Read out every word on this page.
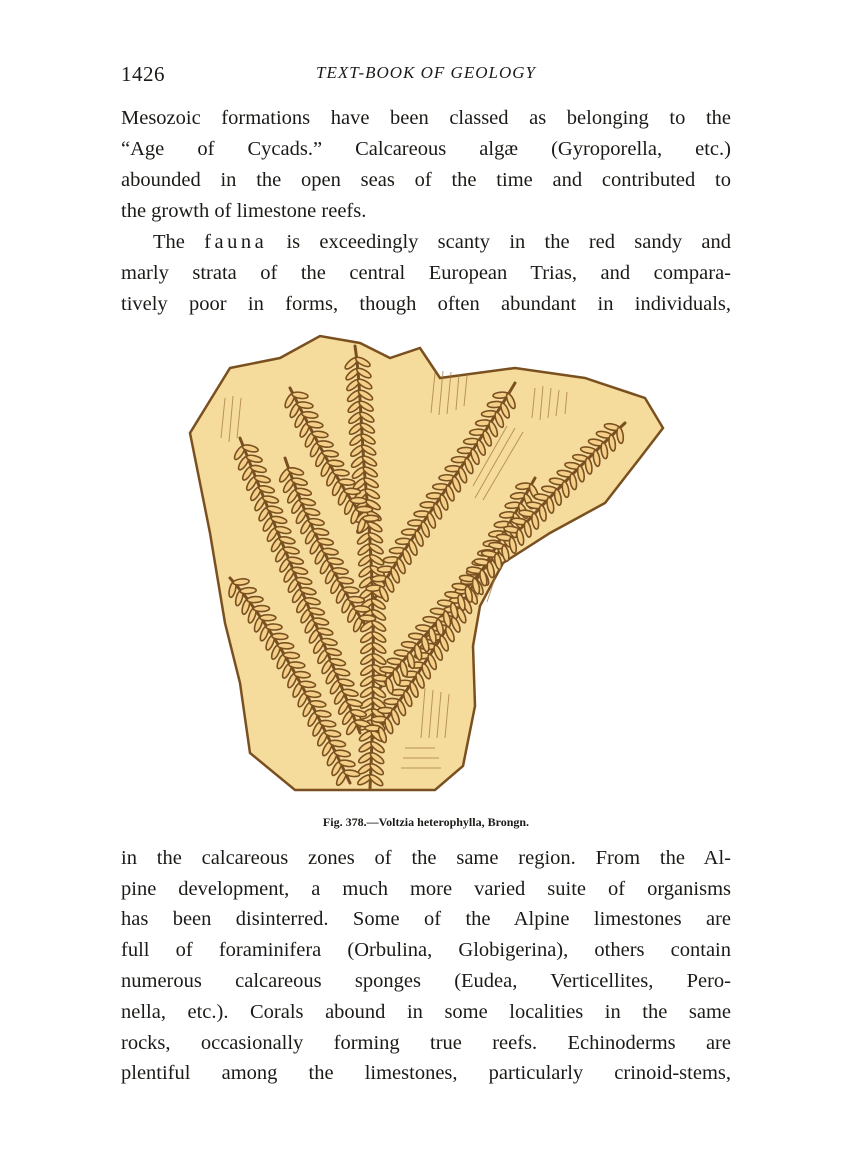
1426	TEXT-BOOK OF GEOLOGY
Mesozoic formations have been classed as belonging to the
“Age of Cycads.” Calcareous algæ (Gyroporella, etc.)
abounded in the open seas of the time and contributed to
the growth of limestone reefs.
The fauna is exceedingly scanty in the red sandy and
marly strata of the central European Trias, and compara-
tively poor in forms, though often abundant in individuals,
Fig. 378.—Voltzia heterophylla, Brongn.
in the calcareous zones of the same region. From the Al-
pine development, a much more varied suite of organisms
has been disinterred. Some of the Alpine limestones are
full of foraminifera (Orbulina, Globigerina), others contain
numerous calcareous sponges (Eudea, Verticellites, Pero-
nella, etc.). Corals abound in some localities in the same
rocks, occasionally forming true reefs. Echinoderms are
plentiful among the limestones, particularly crinoid-stems,
